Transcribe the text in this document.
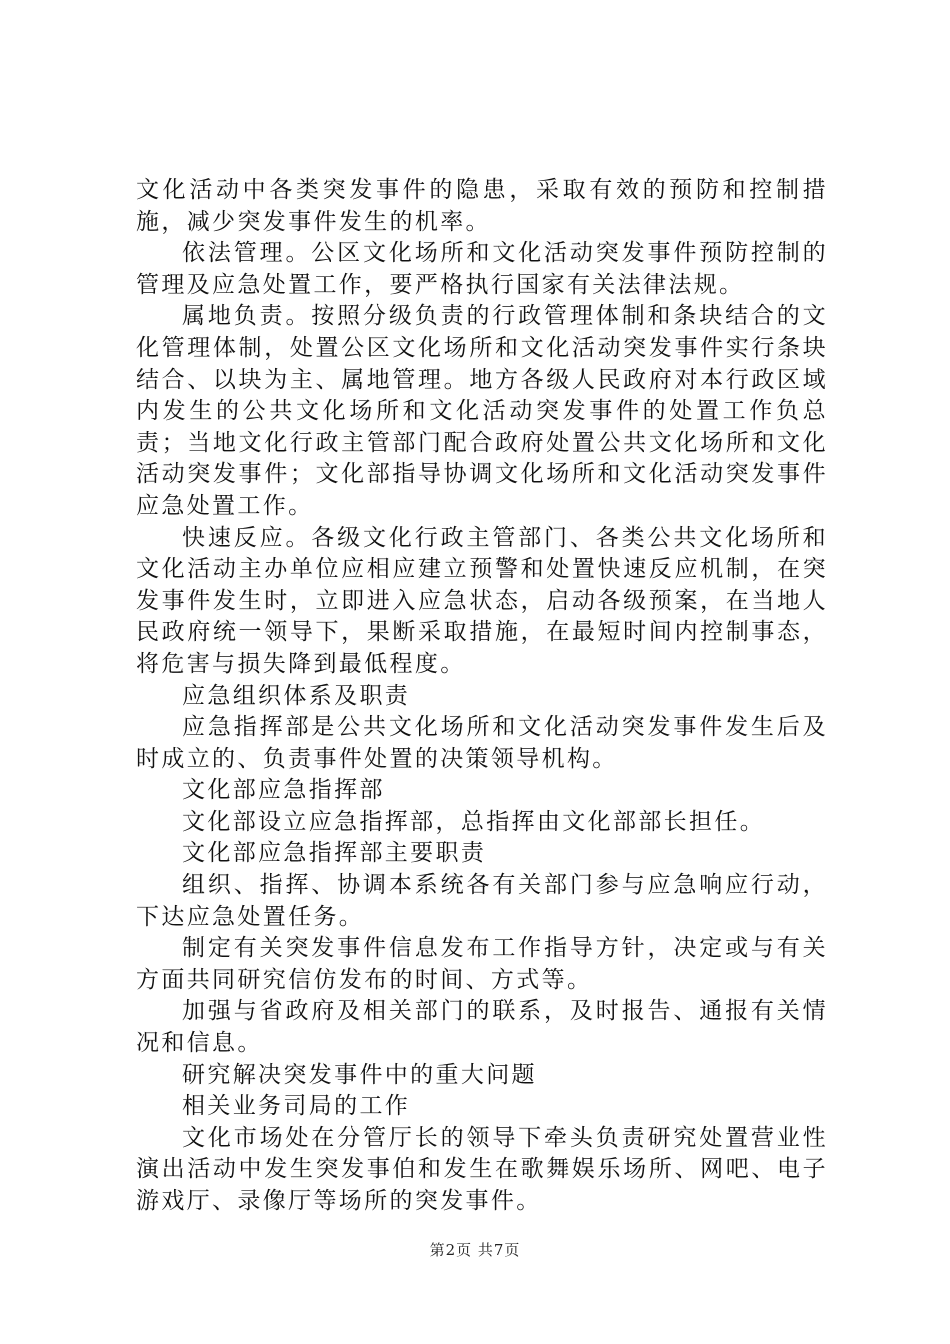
文化活动中各类突发事件的隐患，采取有效的预防和控制措施，减少突发事件发生的机率。

依法管理。公区文化场所和文化活动突发事件预防控制的管理及应急处置工作，要严格执行国家有关法律法规。

属地负责。按照分级负责的行政管理体制和条块结合的文化管理体制，处置公区文化场所和文化活动突发事件实行条块结合、以块为主、属地管理。地方各级人民政府对本行政区域内发生的公共文化场所和文化活动突发事件的处置工作负总责；当地文化行政主管部门配合政府处置公共文化场所和文化活动突发事件；文化部指导协调文化场所和文化活动突发事件应急处置工作。

快速反应。各级文化行政主管部门、各类公共文化场所和文化活动主办单位应相应建立预警和处置快速反应机制，在突发事件发生时，立即进入应急状态，启动各级预案，在当地人民政府统一领导下，果断采取措施，在最短时间内控制事态，将危害与损失降到最低程度。

应急组织体系及职责

应急指挥部是公共文化场所和文化活动突发事件发生后及时成立的、负责事件处置的决策领导机构。

文化部应急指挥部

文化部设立应急指挥部，总指挥由文化部部长担任。

文化部应急指挥部主要职责

组织、指挥、协调本系统各有关部门参与应急响应行动，下达应急处置任务。

制定有关突发事件信息发布工作指导方针，决定或与有关方面共同研究信仿发布的时间、方式等。

加强与省政府及相关部门的联系，及时报告、通报有关情况和信息。

研究解决突发事件中的重大问题

相关业务司局的工作

文化市场处在分管厅长的领导下牵头负责研究处置营业性演出活动中发生突发事伯和发生在歌舞娱乐场所、网吧、电子游戏厅、录像厅等场所的突发事件。

第2页 共7页
